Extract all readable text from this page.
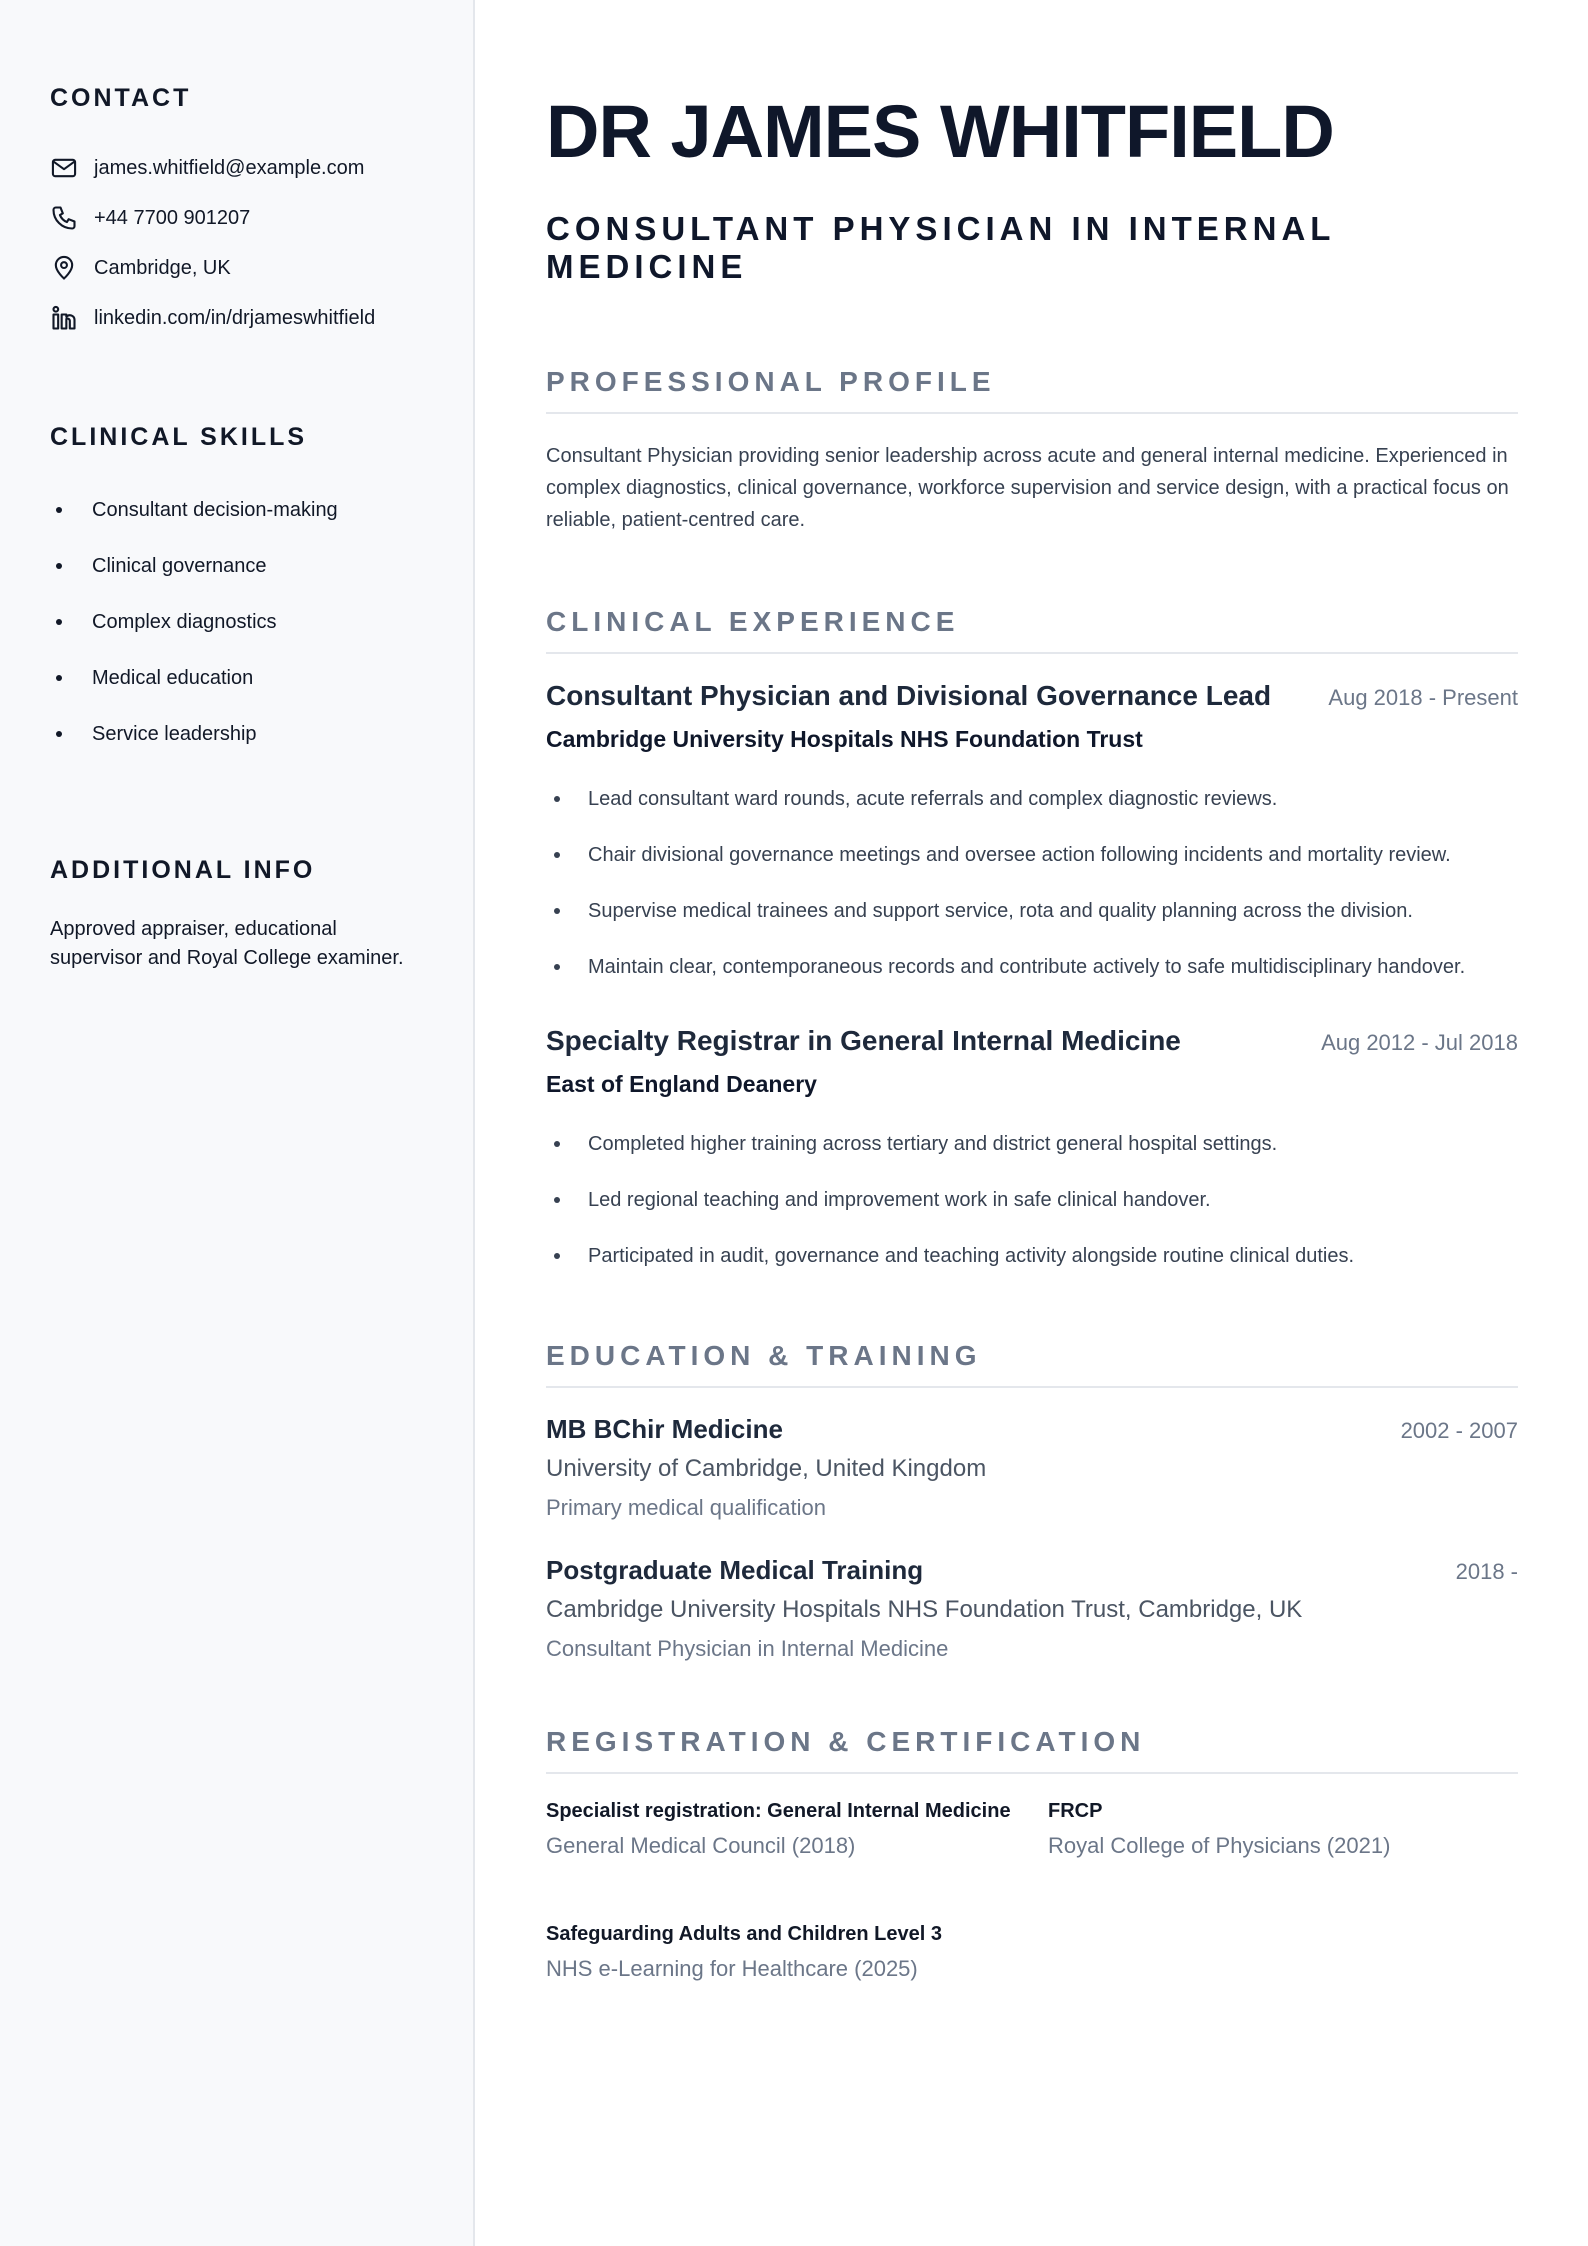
CONTACT
james.whitfield@example.com
+44 7700 901207
Cambridge, UK
linkedin.com/in/drjameswhitfield
CLINICAL SKILLS
Consultant decision-making
Clinical governance
Complex diagnostics
Medical education
Service leadership
ADDITIONAL INFO

Approved appraiser, educational supervisor and Royal College examiner.

DR JAMES WHITFIELD
CONSULTANT PHYSICIAN IN INTERNAL MEDICINE
PROFESSIONAL PROFILE

Consultant Physician providing senior leadership across acute and general internal medicine. Experienced in complex diagnostics, clinical governance, workforce supervision and service design, with a practical focus on reliable, patient-centred care.

CLINICAL EXPERIENCE
Consultant Physician and Divisional Governance Lead	Aug 2018 - Present
Cambridge University Hospitals NHS Foundation Trust
Lead consultant ward rounds, acute referrals and complex diagnostic reviews.
Chair divisional governance meetings and oversee action following incidents and mortality review.
Supervise medical trainees and support service, rota and quality planning across the division.
Maintain clear, contemporaneous records and contribute actively to safe multidisciplinary handover.
Specialty Registrar in General Internal Medicine	Aug 2012 - Jul 2018
East of England Deanery
Completed higher training across tertiary and district general hospital settings.
Led regional teaching and improvement work in safe clinical handover.
Participated in audit, governance and teaching activity alongside routine clinical duties.
EDUCATION & TRAINING
MB BChir Medicine	2002 - 2007
University of Cambridge, United Kingdom
Primary medical qualification
Postgraduate Medical Training	2018 -
Cambridge University Hospitals NHS Foundation Trust, Cambridge, UK
Consultant Physician in Internal Medicine
REGISTRATION & CERTIFICATION
Specialist registration: General Internal Medicine
General Medical Council (2018)
FRCP
Royal College of Physicians (2021)
Safeguarding Adults and Children Level 3
NHS e-Learning for Healthcare (2025)
